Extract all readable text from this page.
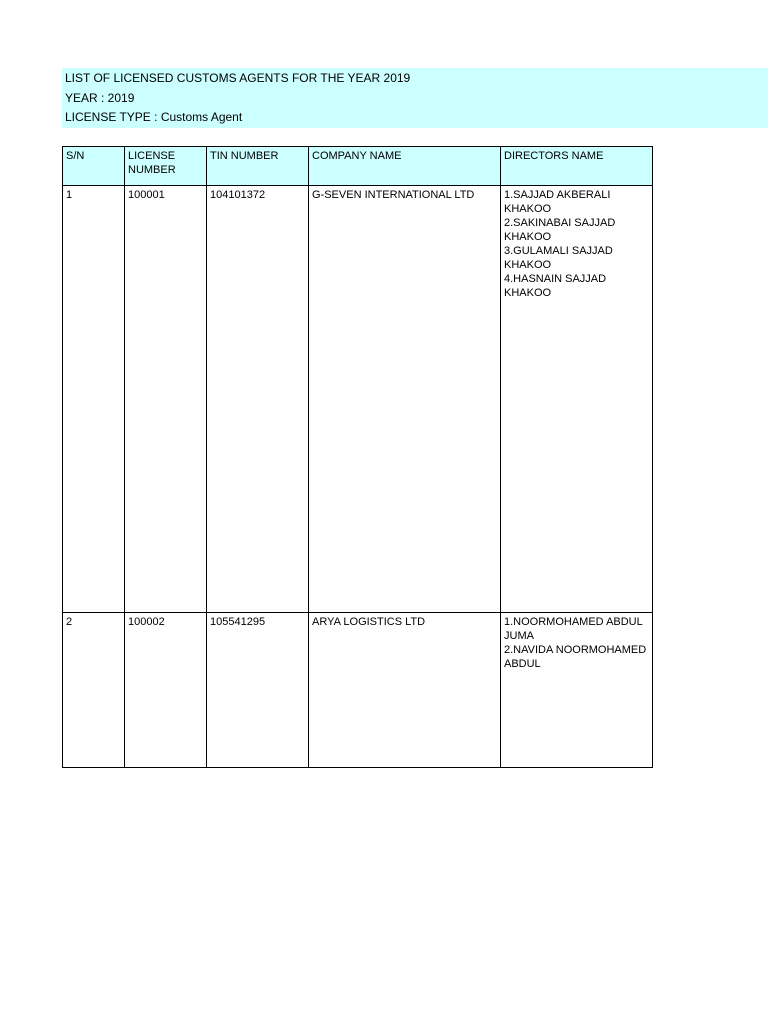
LIST OF LICENSED CUSTOMS AGENTS FOR THE YEAR 2019
YEAR : 2019
LICENSE TYPE : Customs Agent
S/N	LICENSE NUMBER	TIN NUMBER	COMPANY NAME	DIRECTORS NAME
1	100001	104101372	G-SEVEN INTERNATIONAL LTD	1.SAJJAD AKBERALI KHAKOO
2.SAKINABAI SAJJAD KHAKOO
3.GULAMALI SAJJAD KHAKOO
4.HASNAIN SAJJAD KHAKOO

2	100002	105541295	ARYA LOGISTICS LTD	1.NOORMOHAMED ABDUL JUMA
2.NAVIDA NOORMOHAMED ABDUL
